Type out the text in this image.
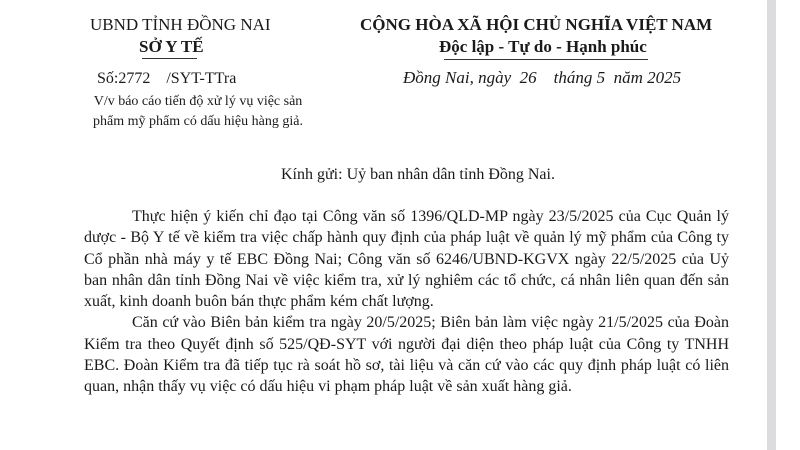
UBND TỈNH ĐỒNG NAI
SỞ Y TẾ
Số:2772    /SYT-TTra
V/v báo cáo tiến độ xử lý vụ việc sản phẩm mỹ phẩm có dấu hiệu hàng giả.
CỘNG HÒA XÃ HỘI CHỦ NGHĨA VIỆT NAM
Độc lập - Tự do - Hạnh phúc
Đồng Nai, ngày  26    tháng 5  năm 2025
Kính gửi: Uỷ ban nhân dân tỉnh Đồng Nai.

Thực hiện ý kiến chỉ đạo tại Công văn số 1396/QLD-MP ngày 23/5/2025 của Cục Quản lý dược - Bộ Y tế về kiểm tra việc chấp hành quy định của pháp luật về quản lý mỹ phẩm của Công ty Cổ phần nhà máy y tế EBC Đồng Nai; Công văn số 6246/UBND-KGVX ngày 22/5/2025 của Uỷ ban nhân dân tỉnh Đồng Nai về việc kiểm tra, xử lý nghiêm các tổ chức, cá nhân liên quan đến sản xuất, kinh doanh buôn bán thực phẩm kém chất lượng.

Căn cứ vào Biên bản kiểm tra ngày 20/5/2025; Biên bản làm việc ngày 21/5/2025 của Đoàn Kiểm tra theo Quyết định số 525/QĐ-SYT với người đại diện theo pháp luật của Công ty TNHH EBC. Đoàn Kiểm tra đã tiếp tục rà soát hồ sơ, tài liệu và căn cứ vào các quy định pháp luật có liên quan, nhận thấy vụ việc có dấu hiệu vi phạm pháp luật về sản xuất hàng giả.
